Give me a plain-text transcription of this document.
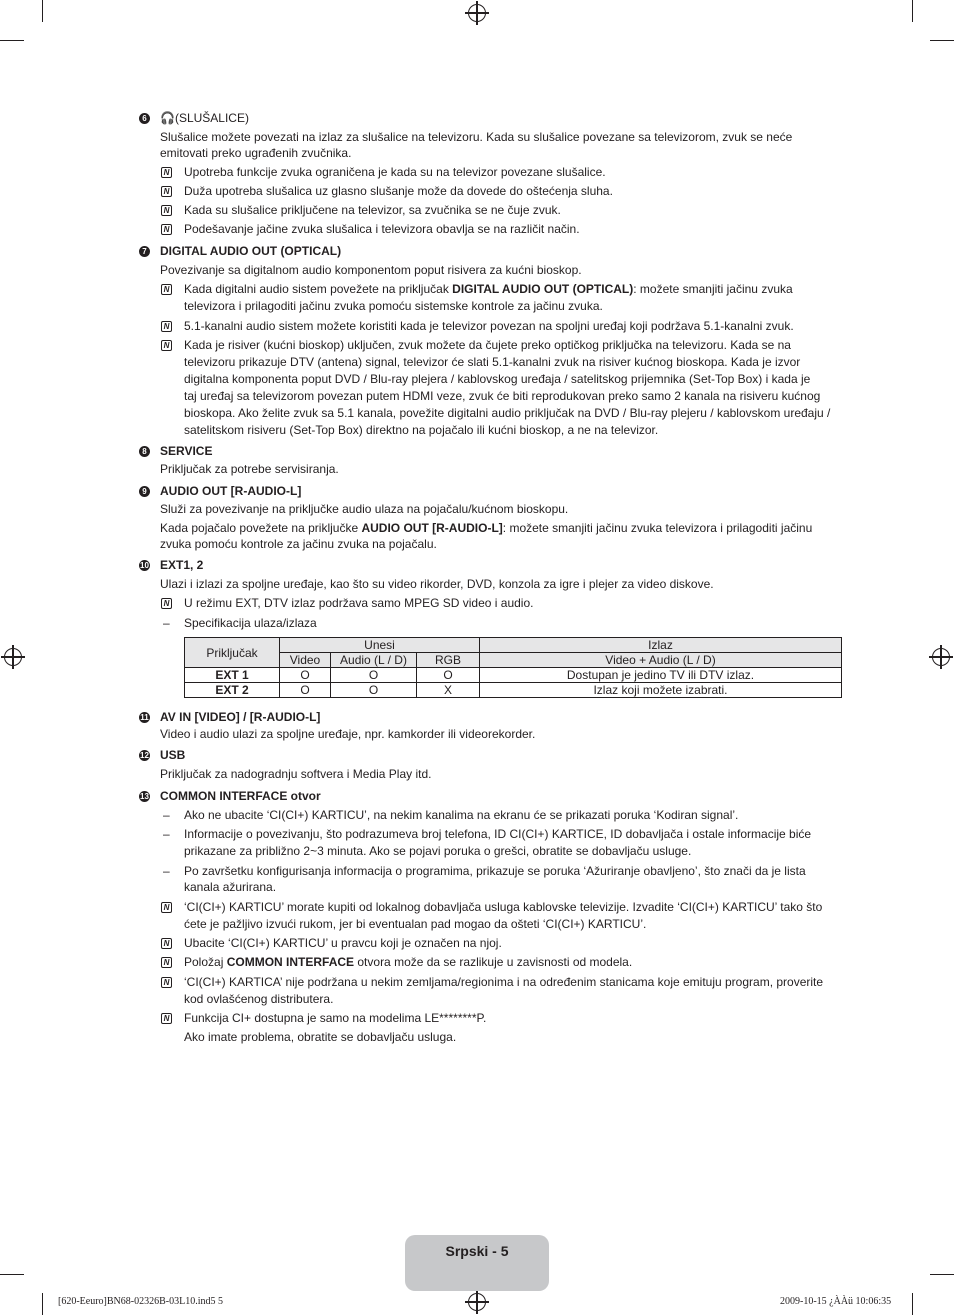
6 🎧(SLUŠALICE)
Slušalice možete povezati na izlaz za slušalice na televizoru. Kada su slušalice povezane sa televizorom, zvuk se neće
emitovati preko ugrađenih zvučnika.
N Upotreba funkcije zvuka ograničena je kada su na televizor povezane slušalice.
N Duža upotreba slušalica uz glasno slušanje može da dovede do oštećenja sluha.
N Kada su slušalice priključene na televizor, sa zvučnika se ne čuje zvuk.
N Podešavanje jačine zvuka slušalica i televizora obavlja se na različit način.
7 DIGITAL AUDIO OUT (OPTICAL)
Povezivanje sa digitalnom audio komponentom poput risivera za kućni bioskop.
N Kada digitalni audio sistem povežete na priključak DIGITAL AUDIO OUT (OPTICAL): možete smanjiti jačinu zvuka
televizora i prilagoditi jačinu zvuka pomoću sistemske kontrole za jačinu zvuka.
N 5.1-kanalni audio sistem možete koristiti kada je televizor povezan na spoljni uređaj koji podržava 5.1-kanalni zvuk.
N Kada je risiver (kućni bioskop) uključen, zvuk možete da čujete preko optičkog priključka na televizoru. Kada se na
televizoru prikazuje DTV (antena) signal, televizor će slati 5.1-kanalni zvuk na risiver kućnog bioskopa. Kada je izvor
digitalna komponenta poput DVD / Blu-ray plejera / kablovskog uređaja / satelitskog prijemnika (Set-Top Box) i kada je
taj uređaj sa televizorom povezan putem HDMI veze, zvuk će biti reprodukovan preko samo 2 kanala na risiveru kućnog
bioskopa. Ako želite zvuk sa 5.1 kanala, povežite digitalni audio priključak na DVD / Blu-ray plejeru / kablovskom uređaju /
satelitskom risiveru (Set-Top Box) direktno na pojačalo ili kućni bioskop, a ne na televizor.
8 SERVICE
Priključak za potrebe servisiranja.
9 AUDIO OUT [R-AUDIO-L]
Služi za povezivanje na priključke audio ulaza na pojačalu/kućnom bioskopu.
Kada pojačalo povežete na priključke AUDIO OUT [R-AUDIO-L]: možete smanjiti jačinu zvuka televizora i prilagoditi jačinu
zvuka pomoću kontrole za jačinu zvuka na pojačalu.
10 EXT1, 2
Ulazi i izlazi za spoljne uređaje, kao što su video rikorder, DVD, konzola za igre i plejer za video diskove.
N U režimu EXT, DTV izlaz podržava samo MPEG SD video i audio.
– Specifikacija ulaza/izlaza
Priključak	Unesi			Izlaz
	Video	Audio (L / D)	RGB	Video + Audio (L / D)
EXT 1	O	O	O	Dostupan je jedino TV ili DTV izlaz.
EXT 2	O	O	X	Izlaz koji možete izabrati.
11 AV IN [VIDEO] / [R-AUDIO-L]
Video i audio ulazi za spoljne uređaje, npr. kamkorder ili videorekorder.
12 USB
Priključak za nadogradnju softvera i Media Play itd.
13 COMMON INTERFACE otvor
– Ako ne ubacite ‘CI(CI+) KARTICU’, na nekim kanalima na ekranu će se prikazati poruka ‘Kodiran signal’.
– Informacije o povezivanju, što podrazumeva broj telefona, ID CI(CI+) KARTICE, ID dobavljača i ostale informacije biće
prikazane za približno 2~3 minuta. Ako se pojavi poruka o grešci, obratite se dobavljaču usluge.
– Po završetku konfigurisanja informacija o programima, prikazuje se poruka ‘Ažuriranje obavljeno’, što znači da je lista
kanala ažurirana.
N ‘CI(CI+) KARTICU’ morate kupiti od lokalnog dobavljača usluga kablovske televizije. Izvadite ‘CI(CI+) KARTICU’ tako što
ćete je pažljivo izvući rukom, jer bi eventualan pad mogao da ošteti ‘CI(CI+) KARTICU’.
N Ubacite ‘CI(CI+) KARTICU’ u pravcu koji je označen na njoj.
N Položaj COMMON INTERFACE otvora može da se razlikuje u zavisnosti od modela.
N ‘CI(CI+) KARTICA’ nije podržana u nekim zemljama/regionima i na određenim stanicama koje emituju program, proverite
kod ovlašćenog distributera.
N Funkcija CI+ dostupna je samo na modelima LE********P.
Ako imate problema, obratite se dobavljaču usluga.
Srpski - 5
[620-Eeuro]BN68-02326B-03L10.ind5 5	2009-10-15 ¿ÀÀü 10:06:35
